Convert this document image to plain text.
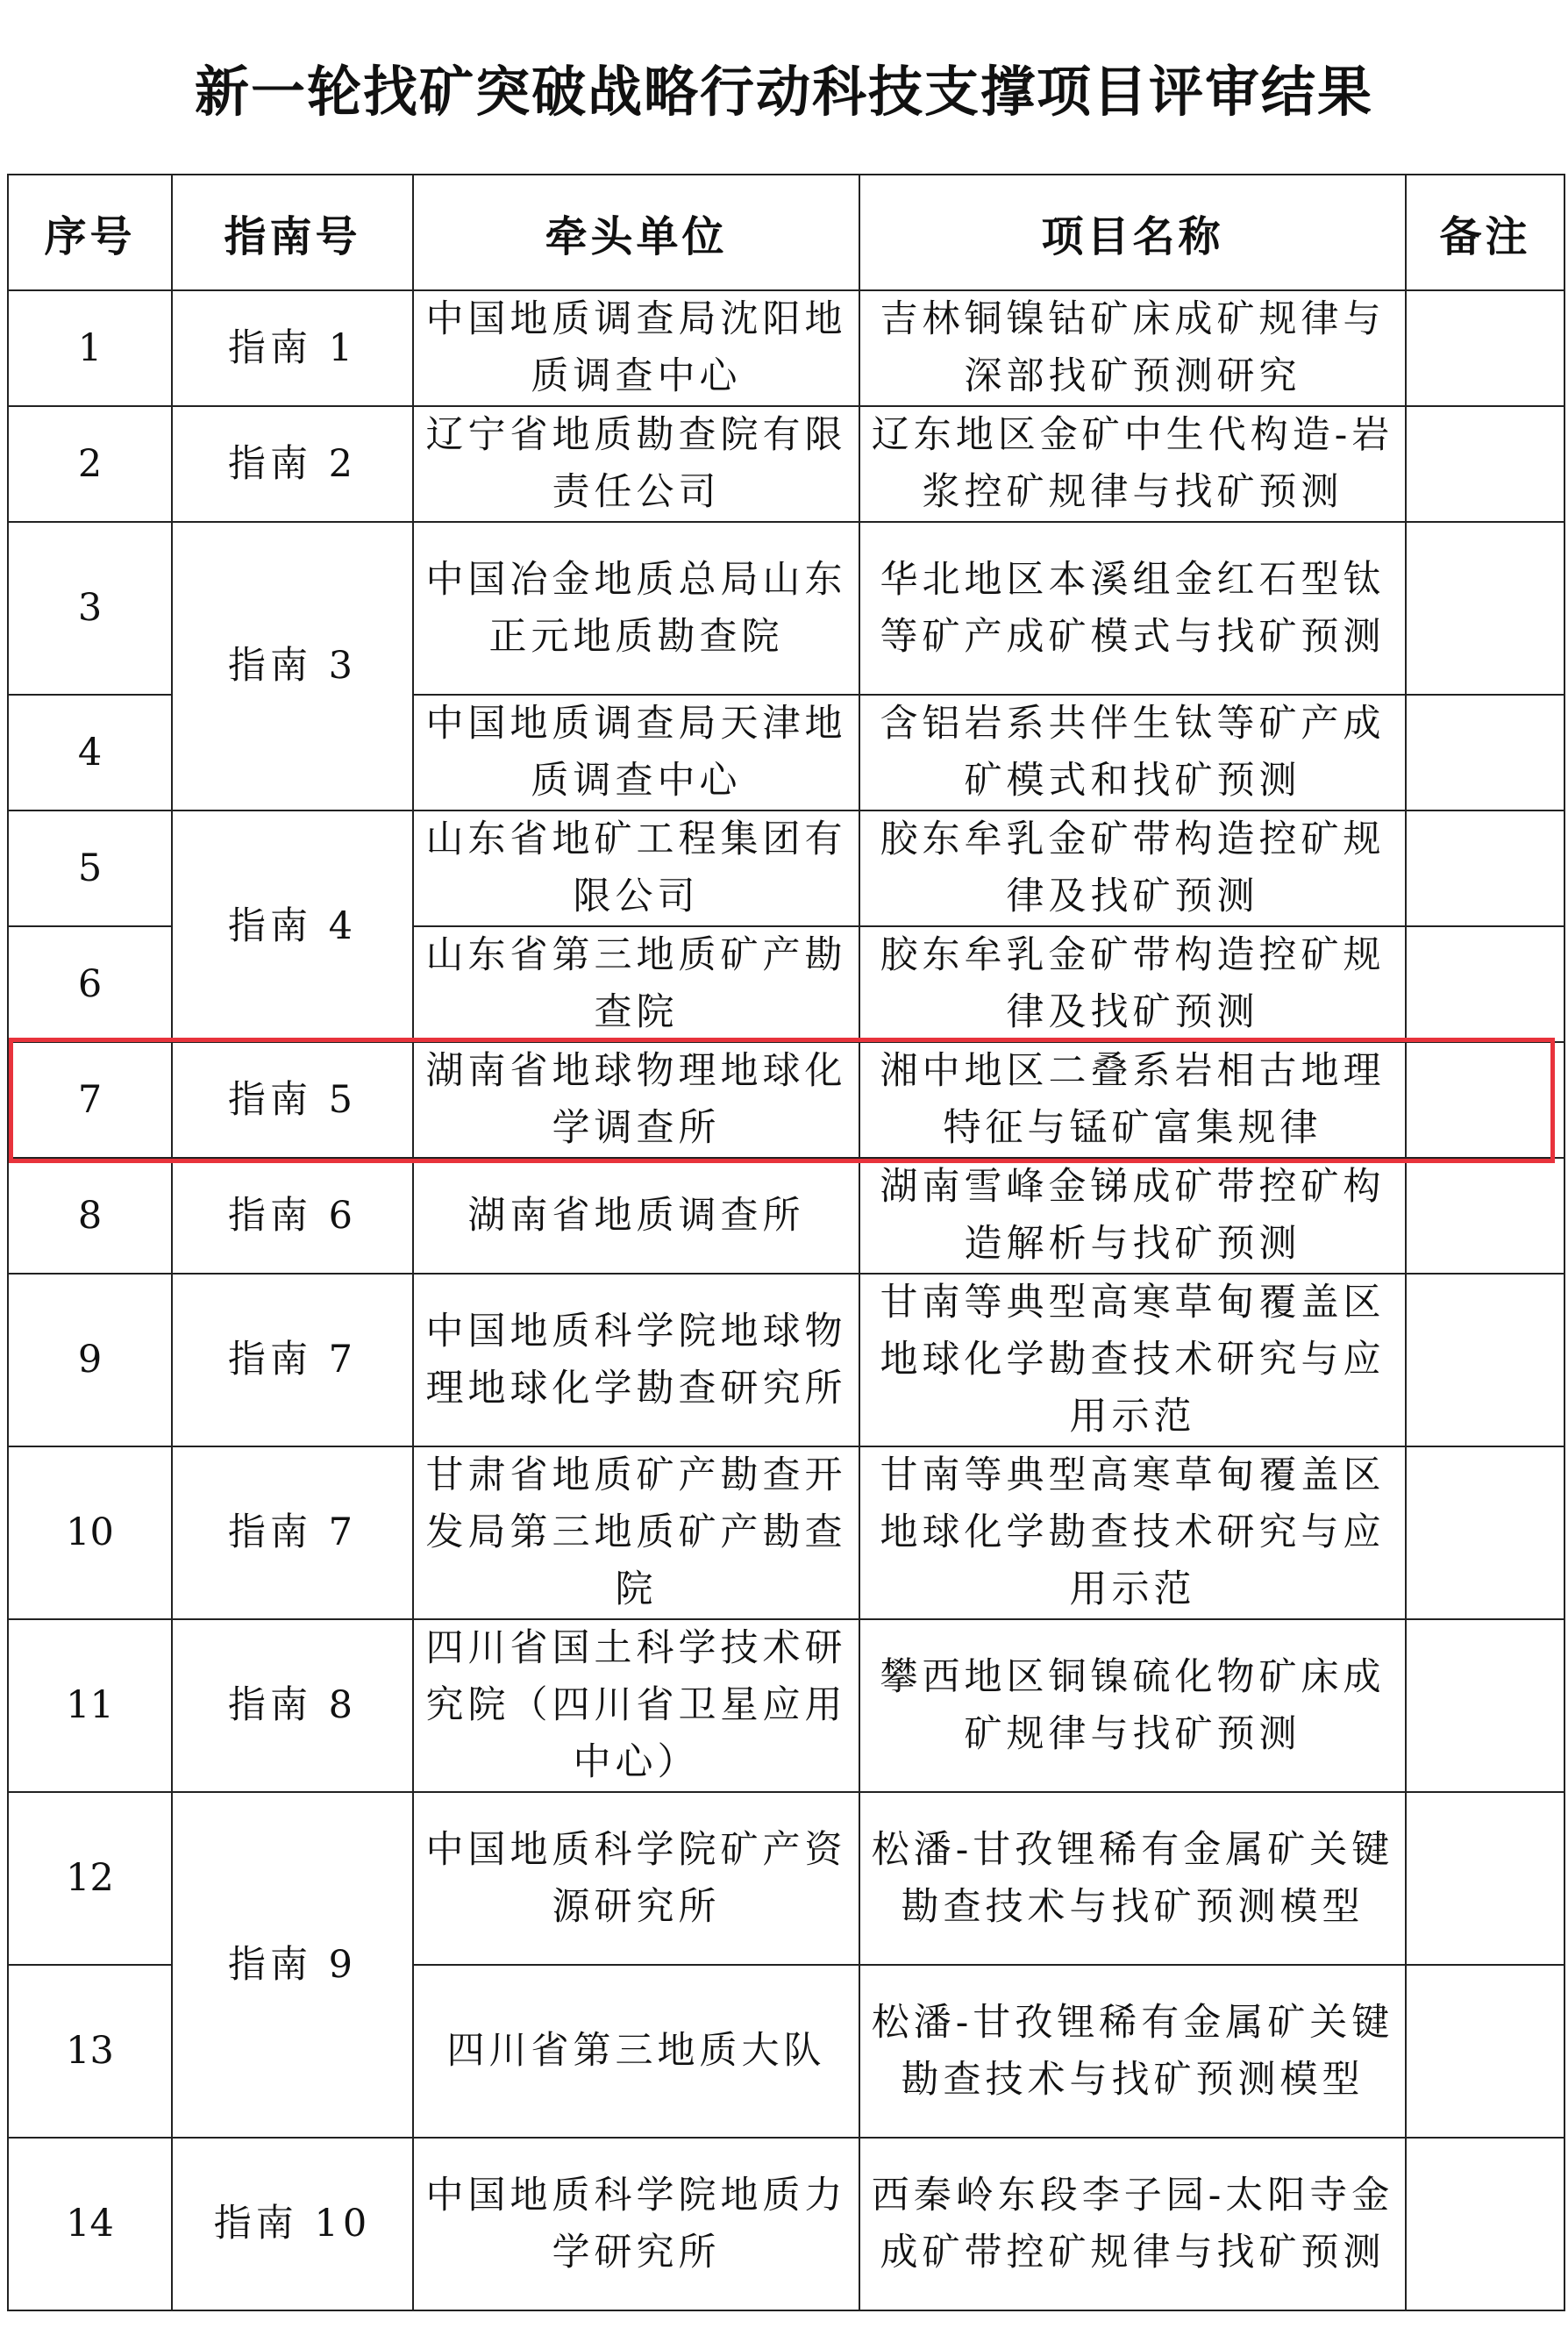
新一轮找矿突破战略行动科技支撑项目评审结果
序号	指南号	牵头单位	项目名称	备注
1	指南 1	中国地质调查局沈阳地质调查中心	吉林铜镍钴矿床成矿规律与深部找矿预测研究	
2	指南 2	辽宁省地质勘查院有限责任公司	辽东地区金矿中生代构造-岩浆控矿规律与找矿预测	
3	指南 3	中国冶金地质总局山东正元地质勘查院	华北地区本溪组金红石型钛等矿产成矿模式与找矿预测	
4		中国地质调查局天津地质调查中心	含铝岩系共伴生钛等矿产成矿模式和找矿预测	
5	指南 4	山东省地矿工程集团有限公司	胶东牟乳金矿带构造控矿规律及找矿预测	
6		山东省第三地质矿产勘查院	胶东牟乳金矿带构造控矿规律及找矿预测	
7	指南 5	湖南省地球物理地球化学调查所	湘中地区二叠系岩相古地理特征与锰矿富集规律	
8	指南 6	湖南省地质调查所	湖南雪峰金锑成矿带控矿构造解析与找矿预测	
9	指南 7	中国地质科学院地球物理地球化学勘查研究所	甘南等典型高寒草甸覆盖区地球化学勘查技术研究与应用示范	
10	指南 7	甘肃省地质矿产勘查开发局第三地质矿产勘查院	甘南等典型高寒草甸覆盖区地球化学勘查技术研究与应用示范	
11	指南 8	四川省国土科学技术研究院（四川省卫星应用中心）	攀西地区铜镍硫化物矿床成矿规律与找矿预测	
12	指南 9	中国地质科学院矿产资源研究所	松潘-甘孜锂稀有金属矿关键勘查技术与找矿预测模型	
13		四川省第三地质大队	松潘-甘孜锂稀有金属矿关键勘查技术与找矿预测模型	
14	指南 10	中国地质科学院地质力学研究所	西秦岭东段李子园-太阳寺金成矿带控矿规律与找矿预测	
